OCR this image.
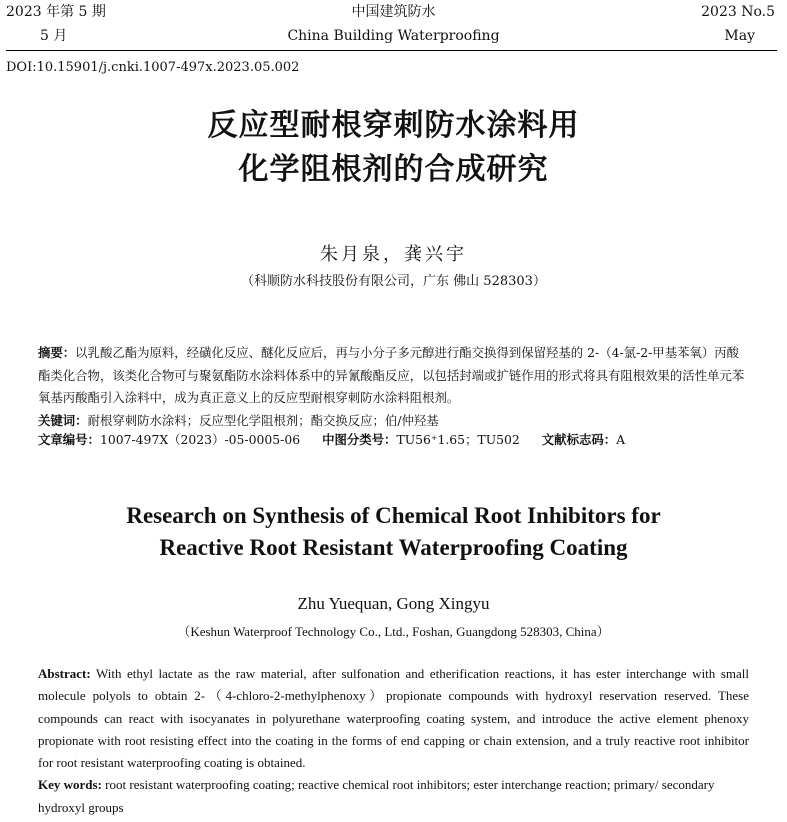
2023 年第 5 期
5 月
中国建筑防水
China Building Waterproofing
2023 No.5
May
DOI:10.15901/j.cnki.1007-497x.2023.05.002
反应型耐根穿刺防水涂料用
化学阻根剂的合成研究
朱月泉，龚兴宇
（科顺防水科技股份有限公司，广东 佛山 528303）
摘要：以乳酸乙酯为原料，经磺化反应、醚化反应后，再与小分子多元醇进行酯交换得到保留羟基的 2-（4-氯-2-甲基苯氧）丙酸酯类化合物，该类化合物可与聚氨酯防水涂料体系中的异氰酸酯反应，以包括封端或扩链作用的形式将具有阻根效果的活性单元苯氧基丙酸酯引入涂料中，成为真正意义上的反应型耐根穿刺防水涂料阻根剂。
关键词：耐根穿刺防水涂料；反应型化学阻根剂；酯交换反应；伯/仲羟基
文章编号：1007-497X（2023）-05-0005-06 中图分类号：TU56⁺1.65；TU502 文献标志码：A
Research on Synthesis of Chemical Root Inhibitors for
Reactive Root Resistant Waterproofing Coating
Zhu Yuequan, Gong Xingyu
（Keshun Waterproof Technology Co., Ltd., Foshan, Guangdong 528303, China）
Abstract: With ethyl lactate as the raw material, after sulfonation and etherification reactions, it has ester interchange with small molecule polyols to obtain 2-（4-chloro-2-methylphenoxy）propionate compounds with hydroxyl reservation reserved. These compounds can react with isocyanates in polyurethane waterproofing coating system, and introduce the active element phenoxy propionate with root resisting effect into the coating in the forms of end capping or chain extension, and a truly reactive root inhibitor for root resistant waterproofing coating is obtained.
Key words: root resistant waterproofing coating; reactive chemical root inhibitors; ester interchange reaction; primary/ secondary hydroxyl groups
